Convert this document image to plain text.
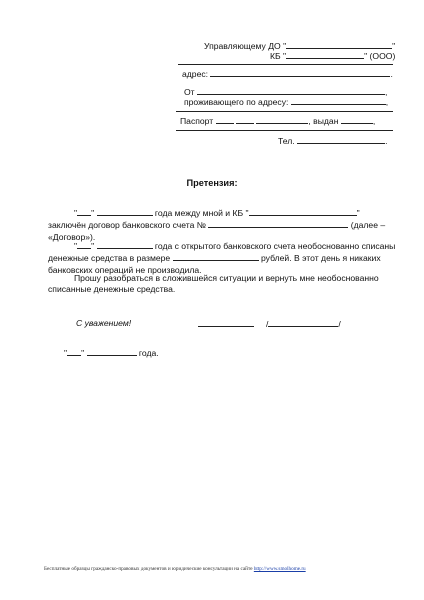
Управляющему ДО "	"
КБ "	" (ООО)
адрес:	.
От	,
проживающего по адресу:	,
Паспорт	, выдан	,
Тел.	.
Претензия:
" "	года между мной и КБ "	"
заключён договор банковского счета №	(далее –
«Договор»).
" "	года с открытого банковского счета необоснованно списаны
денежные средства в размере	рублей. В этот день я никаких
банковских операций не производила.
Прошу разобраться в сложившейся ситуации и вернуть мне необоснованно
списанные денежные средства.
С уважением!	/	/
" "	года.
Бесплатные образцы гражданско-правовых документов и юридические консультации на сайте http://www.smolhome.ru
